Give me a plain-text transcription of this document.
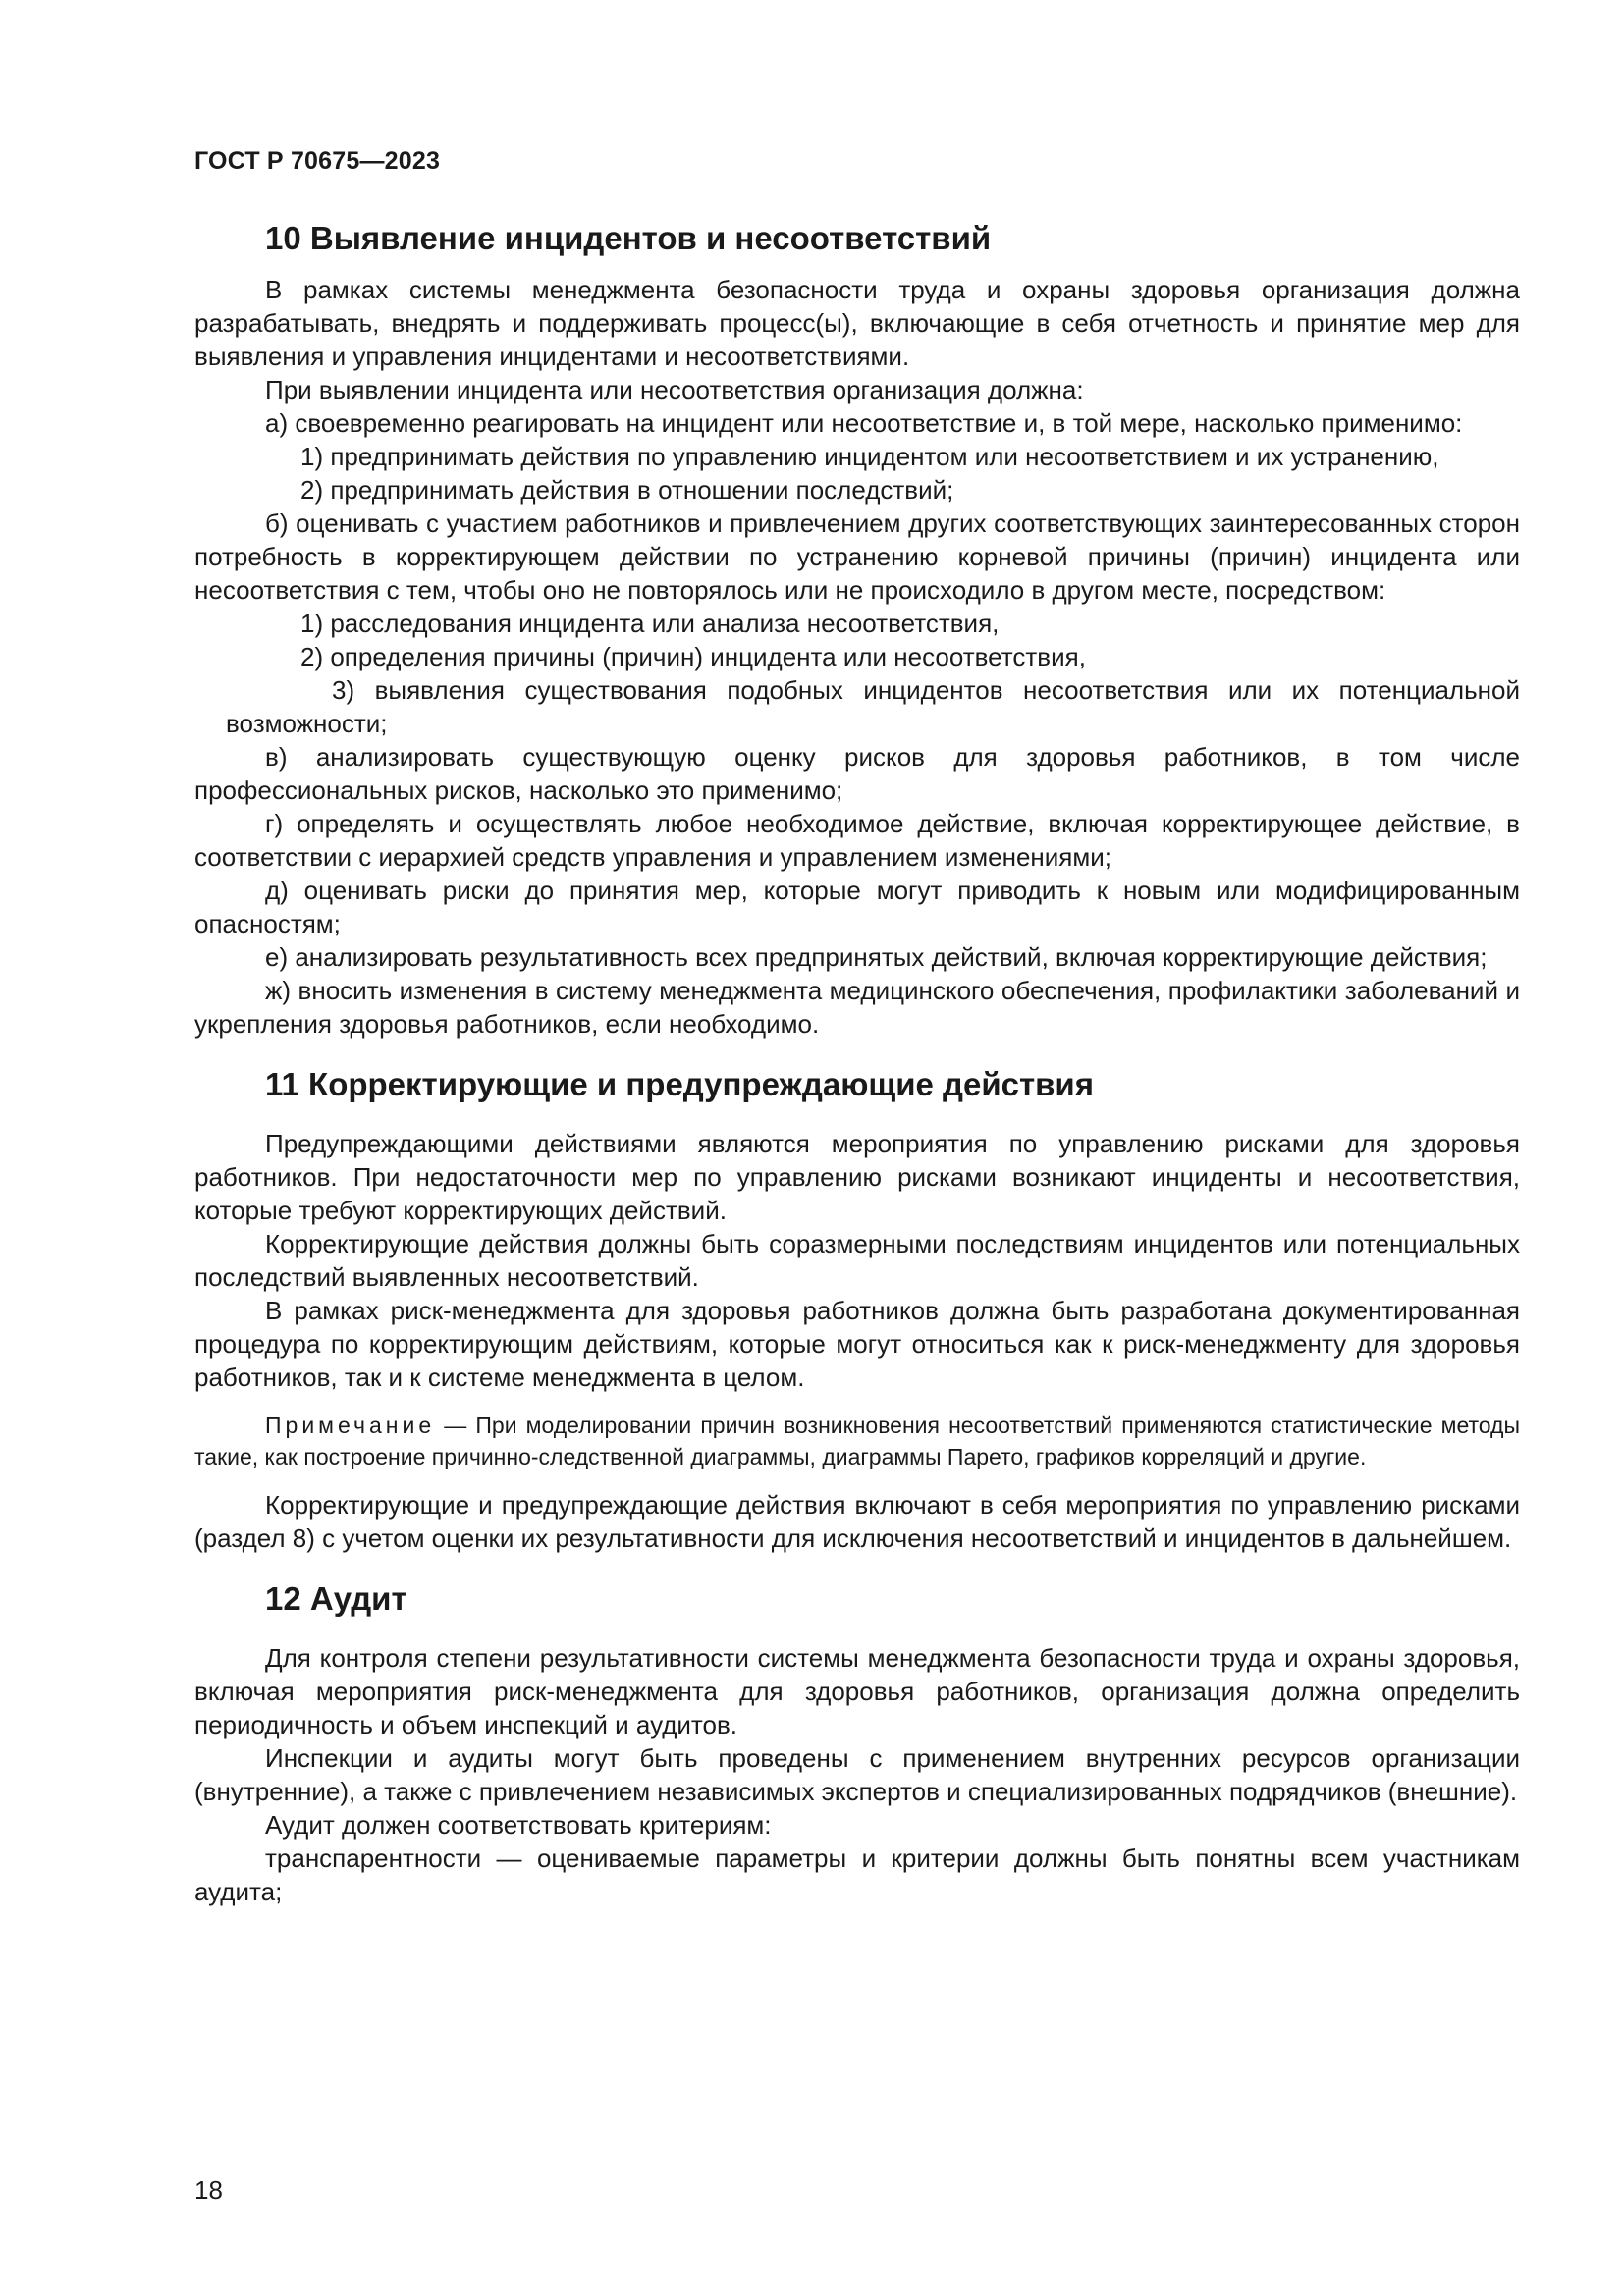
ГОСТ Р 70675—2023
10 Выявление инцидентов и несоответствий

В рамках системы менеджмента безопасности труда и охраны здоровья организация должна разрабатывать, внедрять и поддерживать процесс(ы), включающие в себя отчетность и принятие мер для выявления и управления инцидентами и несоответствиями.

При выявлении инцидента или несоответствия организация должна:

а) своевременно реагировать на инцидент или несоответствие и, в той мере, насколько применимо:

1) предпринимать действия по управлению инцидентом или несоответствием и их устранению,

2) предпринимать действия в отношении последствий;

б) оценивать с участием работников и привлечением других соответствующих заинтересованных сторон потребность в корректирующем действии по устранению корневой причины (причин) инцидента или несоответствия с тем, чтобы оно не повторялось или не происходило в другом месте, посредством:

1) расследования инцидента или анализа несоответствия,

2) определения причины (причин) инцидента или несоответствия,

3) выявления существования подобных инцидентов несоответствия или их потенциальной возможности;

в) анализировать существующую оценку рисков для здоровья работников, в том числе профессиональных рисков, насколько это применимо;

г) определять и осуществлять любое необходимое действие, включая корректирующее действие, в соответствии с иерархией средств управления и управлением изменениями;

д) оценивать риски до принятия мер, которые могут приводить к новым или модифицированным опасностям;

е) анализировать результативность всех предпринятых действий, включая корректирующие действия;

ж) вносить изменения в систему менеджмента медицинского обеспечения, профилактики заболеваний и укрепления здоровья работников, если необходимо.

11 Корректирующие и предупреждающие действия

Предупреждающими действиями являются мероприятия по управлению рисками для здоровья работников. При недостаточности мер по управлению рисками возникают инциденты и несоответствия, которые требуют корректирующих действий.

Корректирующие действия должны быть соразмерными последствиям инцидентов или потенциальных последствий выявленных несоответствий.

В рамках риск-менеджмента для здоровья работников должна быть разработана документированная процедура по корректирующим действиям, которые могут относиться как к риск-менеджменту для здоровья работников, так и к системе менеджмента в целом.

Примечание — При моделировании причин возникновения несоответствий применяются статистические методы такие, как построение причинно-следственной диаграммы, диаграммы Парето, графиков корреляций и другие.

Корректирующие и предупреждающие действия включают в себя мероприятия по управлению рисками (раздел 8) с учетом оценки их результативности для исключения несоответствий и инцидентов в дальнейшем.

12 Аудит

Для контроля степени результативности системы менеджмента безопасности труда и охраны здоровья, включая мероприятия риск-менеджмента для здоровья работников, организация должна определить периодичность и объем инспекций и аудитов.

Инспекции и аудиты могут быть проведены с применением внутренних ресурсов организации (внутренние), а также с привлечением независимых экспертов и специализированных подрядчиков (внешние).

Аудит должен соответствовать критериям:

транспарентности — оцениваемые параметры и критерии должны быть понятны всем участникам аудита;

18
